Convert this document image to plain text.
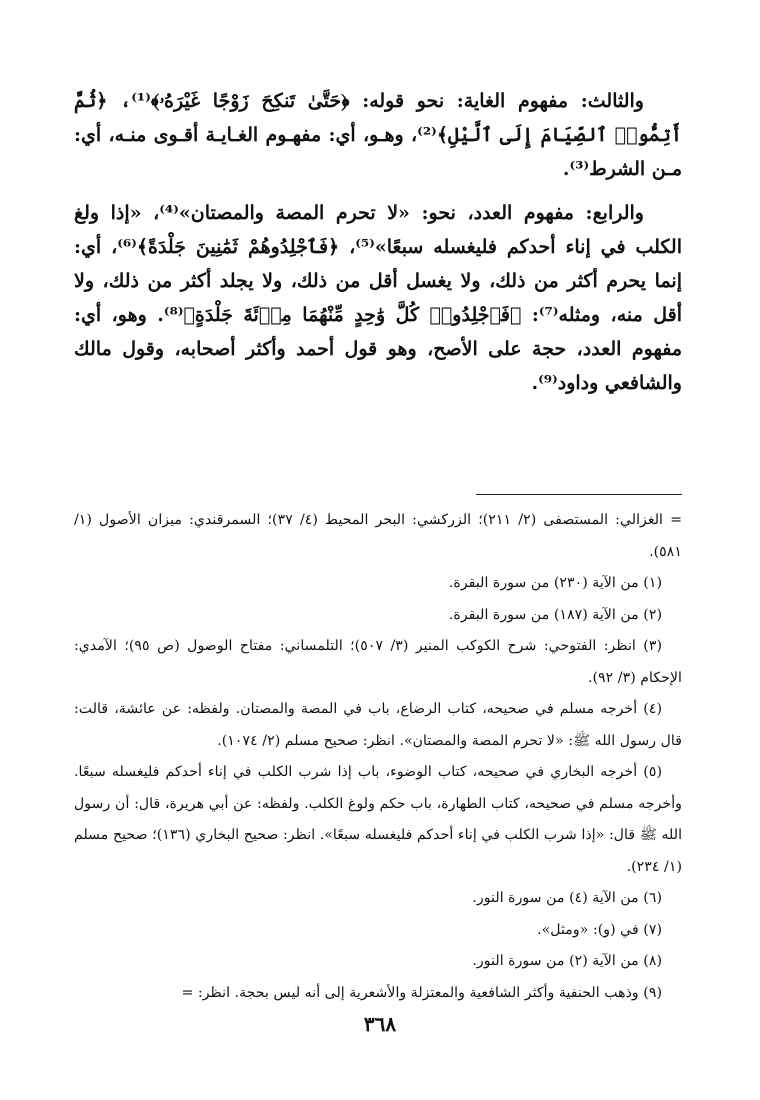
والثالث: مفهوم الغاية: نحو قوله: ﴿حَتَّىٰ تَنكِحَ زَوْجًا غَيْرَهُۥ﴾⁽¹⁾، ﴿ثُمَّ أَتِمُّوا۟ ٱلصِّيَامَ إِلَى ٱلَّيْلِ﴾⁽²⁾، وهـو، أي: مفهـوم الغـايـة أقـوى منـه، أي: مـن الشرط⁽³⁾.

والرابع: مفهوم العدد، نحو: «لا تحرم المصة والمصتان»⁽⁴⁾، «إذا ولغ الكلب في إناء أحدكم فليغسله سبعًا»⁽⁵⁾، ﴿فَٱجْلِدُوهُمْ ثَمَٰنِينَ جَلْدَةً﴾⁽⁶⁾، أي: إنما يحرم أكثر من ذلك، ولا يغسل أقل من ذلك، ولا يجلد أكثر من ذلك، ولا أقل منه، ومثله⁽⁷⁾: ﴿فَٱجْلِدُوا۟ كُلَّ وَٰحِدٍ مِّنْهُمَا مِا۟ئَةَ جَلْدَةٍ﴾⁽⁸⁾. وهو، أي: مفهوم العدد، حجة على الأصح، وهو قول أحمد وأكثر أصحابه، وقول مالك والشافعي وداود⁽⁹⁾.

= الغزالي: المستصفى (٢/ ٢١١)؛ الزركشي: البحر المحيط (٤/ ٣٧)؛ السمرقندي: ميزان الأصول (١/ ٥٨١).

(١) من الآية (٢٣٠) من سورة البقرة.

(٢) من الآية (١٨٧) من سورة البقرة.

(٣) انظر: الفتوحي: شرح الكوكب المنير (٣/ ٥٠٧)؛ التلمساني: مفتاح الوصول (ص ٩٥)؛ الآمدي: الإحكام (٣/ ٩٢).

(٤) أخرجه مسلم في صحيحه، كتاب الرضاع، باب في المصة والمصتان. ولفظه: عن عائشة، قالت: قال رسول الله ﷺ: «لا تحرم المصة والمصتان». انظر: صحيح مسلم (٢/ ١٠٧٤).

(٥) أخرجه البخاري في صحيحه، كتاب الوضوء، باب إذا شرب الكلب في إناء أحدكم فليغسله سبعًا. وأخرجه مسلم في صحيحه، كتاب الطهارة، باب حكم ولوغ الكلب. ولفظه: عن أبي هريرة، قال: أن رسول الله ﷺ قال: «إذا شرب الكلب في إناء أحدكم فليغسله سبعًا». انظر: صحيح البخاري (١٣٦)؛ صحيح مسلم (١/ ٢٣٤).

(٦) من الآية (٤) من سورة النور.

(٧) في (و): «ومثل».

(٨) من الآية (٢) من سورة النور.

(٩) وذهب الحنفية وأكثر الشافعية والمعتزلة والأشعرية إلى أنه ليس بحجة. انظر: =

٣٦٨
